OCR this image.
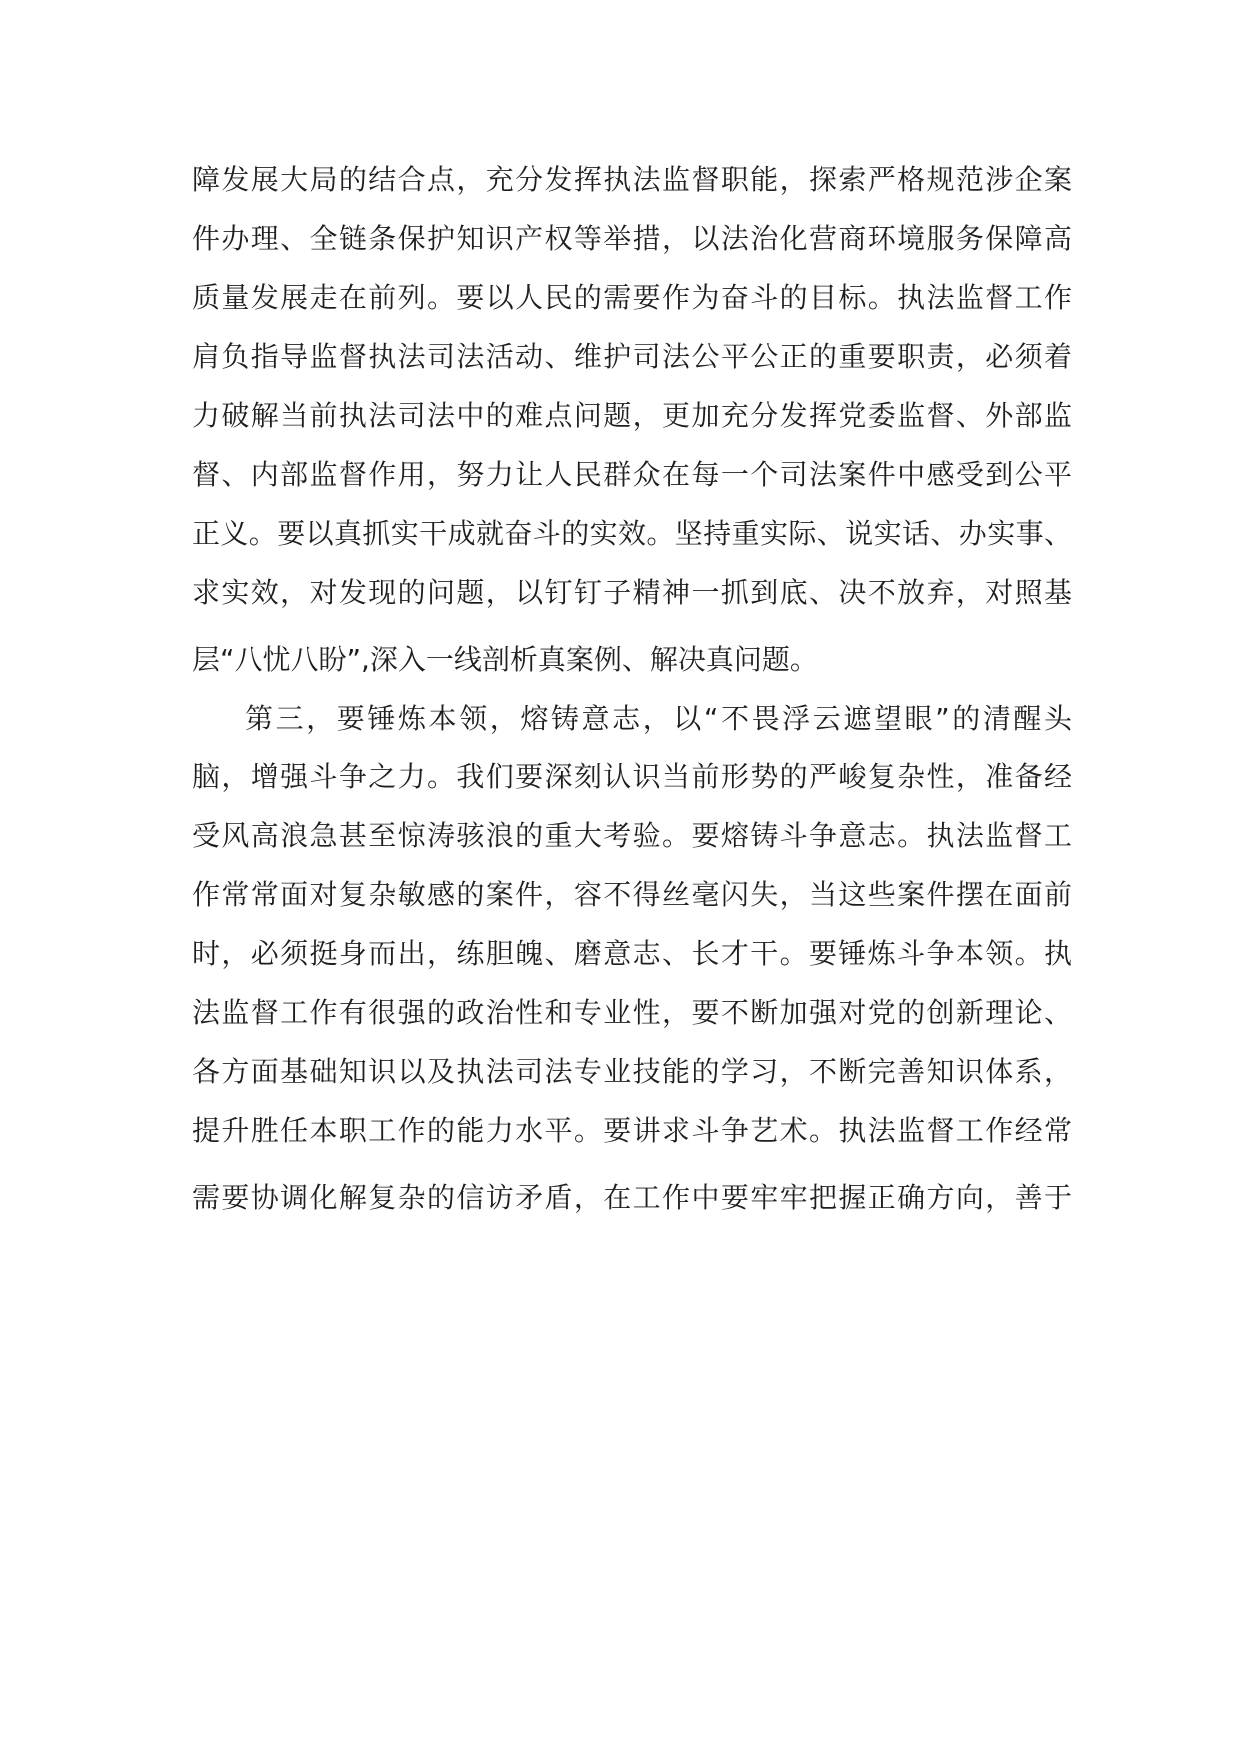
障发展大局的结合点，充分发挥执法监督职能，探索严格规范涉企案
件办理、全链条保护知识产权等举措，以法治化营商环境服务保障高
质量发展走在前列。要以人民的需要作为奋斗的目标。执法监督工作
肩负指导监督执法司法活动、维护司法公平公正的重要职责，必须着
力破解当前执法司法中的难点问题，更加充分发挥党委监督、外部监
督、内部监督作用，努力让人民群众在每一个司法案件中感受到公平
正义。要以真抓实干成就奋斗的实效。坚持重实际、说实话、办实事、
求实效，对发现的问题，以钉钉子精神一抓到底、决不放弃，对照基
层“八忧八盼”,深入一线剖析真案例、解决真问题。
第三，要锤炼本领，熔铸意志，以“不畏浮云遮望眼”的清醒头
脑，增强斗争之力。我们要深刻认识当前形势的严峻复杂性，准备经
受风高浪急甚至惊涛骇浪的重大考验。要熔铸斗争意志。执法监督工
作常常面对复杂敏感的案件，容不得丝毫闪失，当这些案件摆在面前
时，必须挺身而出，练胆魄、磨意志、长才干。要锤炼斗争本领。执
法监督工作有很强的政治性和专业性，要不断加强对党的创新理论、
各方面基础知识以及执法司法专业技能的学习，不断完善知识体系，
提升胜任本职工作的能力水平。要讲求斗争艺术。执法监督工作经常
需要协调化解复杂的信访矛盾，在工作中要牢牢把握正确方向，善于
